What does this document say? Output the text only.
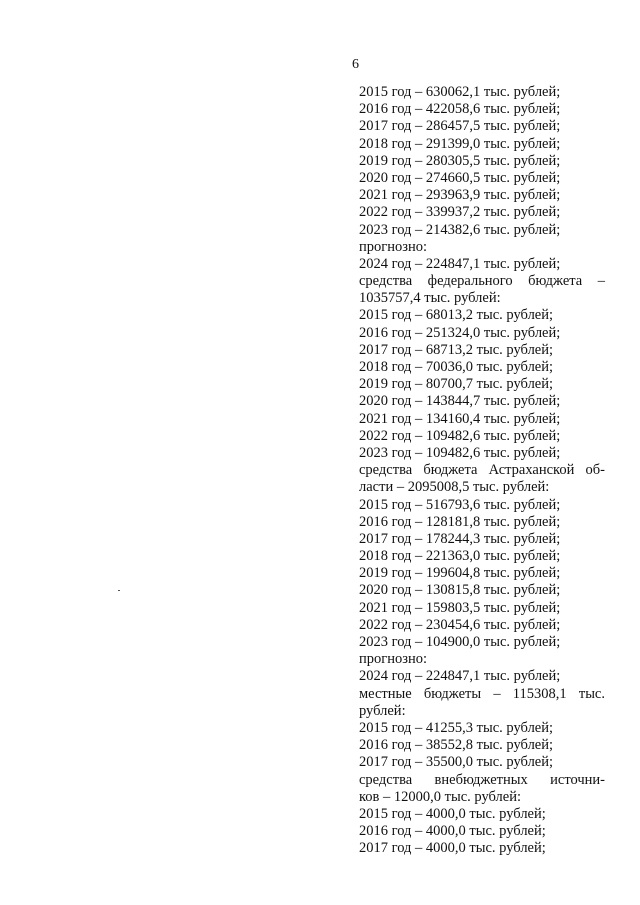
6
2015 год – 630062,1 тыс. рублей;
2016 год – 422058,6 тыс. рублей;
2017 год – 286457,5 тыс. рублей;
2018 год – 291399,0 тыс. рублей;
2019 год – 280305,5 тыс. рублей;
2020 год – 274660,5 тыс. рублей;
2021 год – 293963,9 тыс. рублей;
2022 год – 339937,2 тыс. рублей;
2023 год – 214382,6 тыс. рублей;
прогнозно:
2024 год – 224847,1 тыс. рублей;
средства федерального бюджета –
1035757,4 тыс. рублей:
2015 год – 68013,2 тыс. рублей;
2016 год – 251324,0 тыс. рублей;
2017 год – 68713,2 тыс. рублей;
2018 год – 70036,0 тыс. рублей;
2019 год – 80700,7 тыс. рублей;
2020 год – 143844,7 тыс. рублей;
2021 год – 134160,4 тыс. рублей;
2022 год – 109482,6 тыс. рублей;
2023 год – 109482,6 тыс. рублей;
средства бюджета Астраханской об-
ласти – 2095008,5 тыс. рублей:
2015 год – 516793,6 тыс. рублей;
2016 год – 128181,8 тыс. рублей;
2017 год – 178244,3 тыс. рублей;
2018 год – 221363,0 тыс. рублей;
2019 год – 199604,8 тыс. рублей;
2020 год – 130815,8 тыс. рублей;
2021 год – 159803,5 тыс. рублей;
2022 год – 230454,6 тыс. рублей;
2023 год – 104900,0 тыс. рублей;
прогнозно:
2024 год – 224847,1 тыс. рублей;
местные бюджеты – 115308,1 тыс.
рублей:
2015 год – 41255,3 тыс. рублей;
2016 год – 38552,8 тыс. рублей;
2017 год – 35500,0 тыс. рублей;
средства внебюджетных источни-
ков – 12000,0 тыс. рублей:
2015 год – 4000,0 тыс. рублей;
2016 год – 4000,0 тыс. рублей;
2017 год – 4000,0 тыс. рублей;
